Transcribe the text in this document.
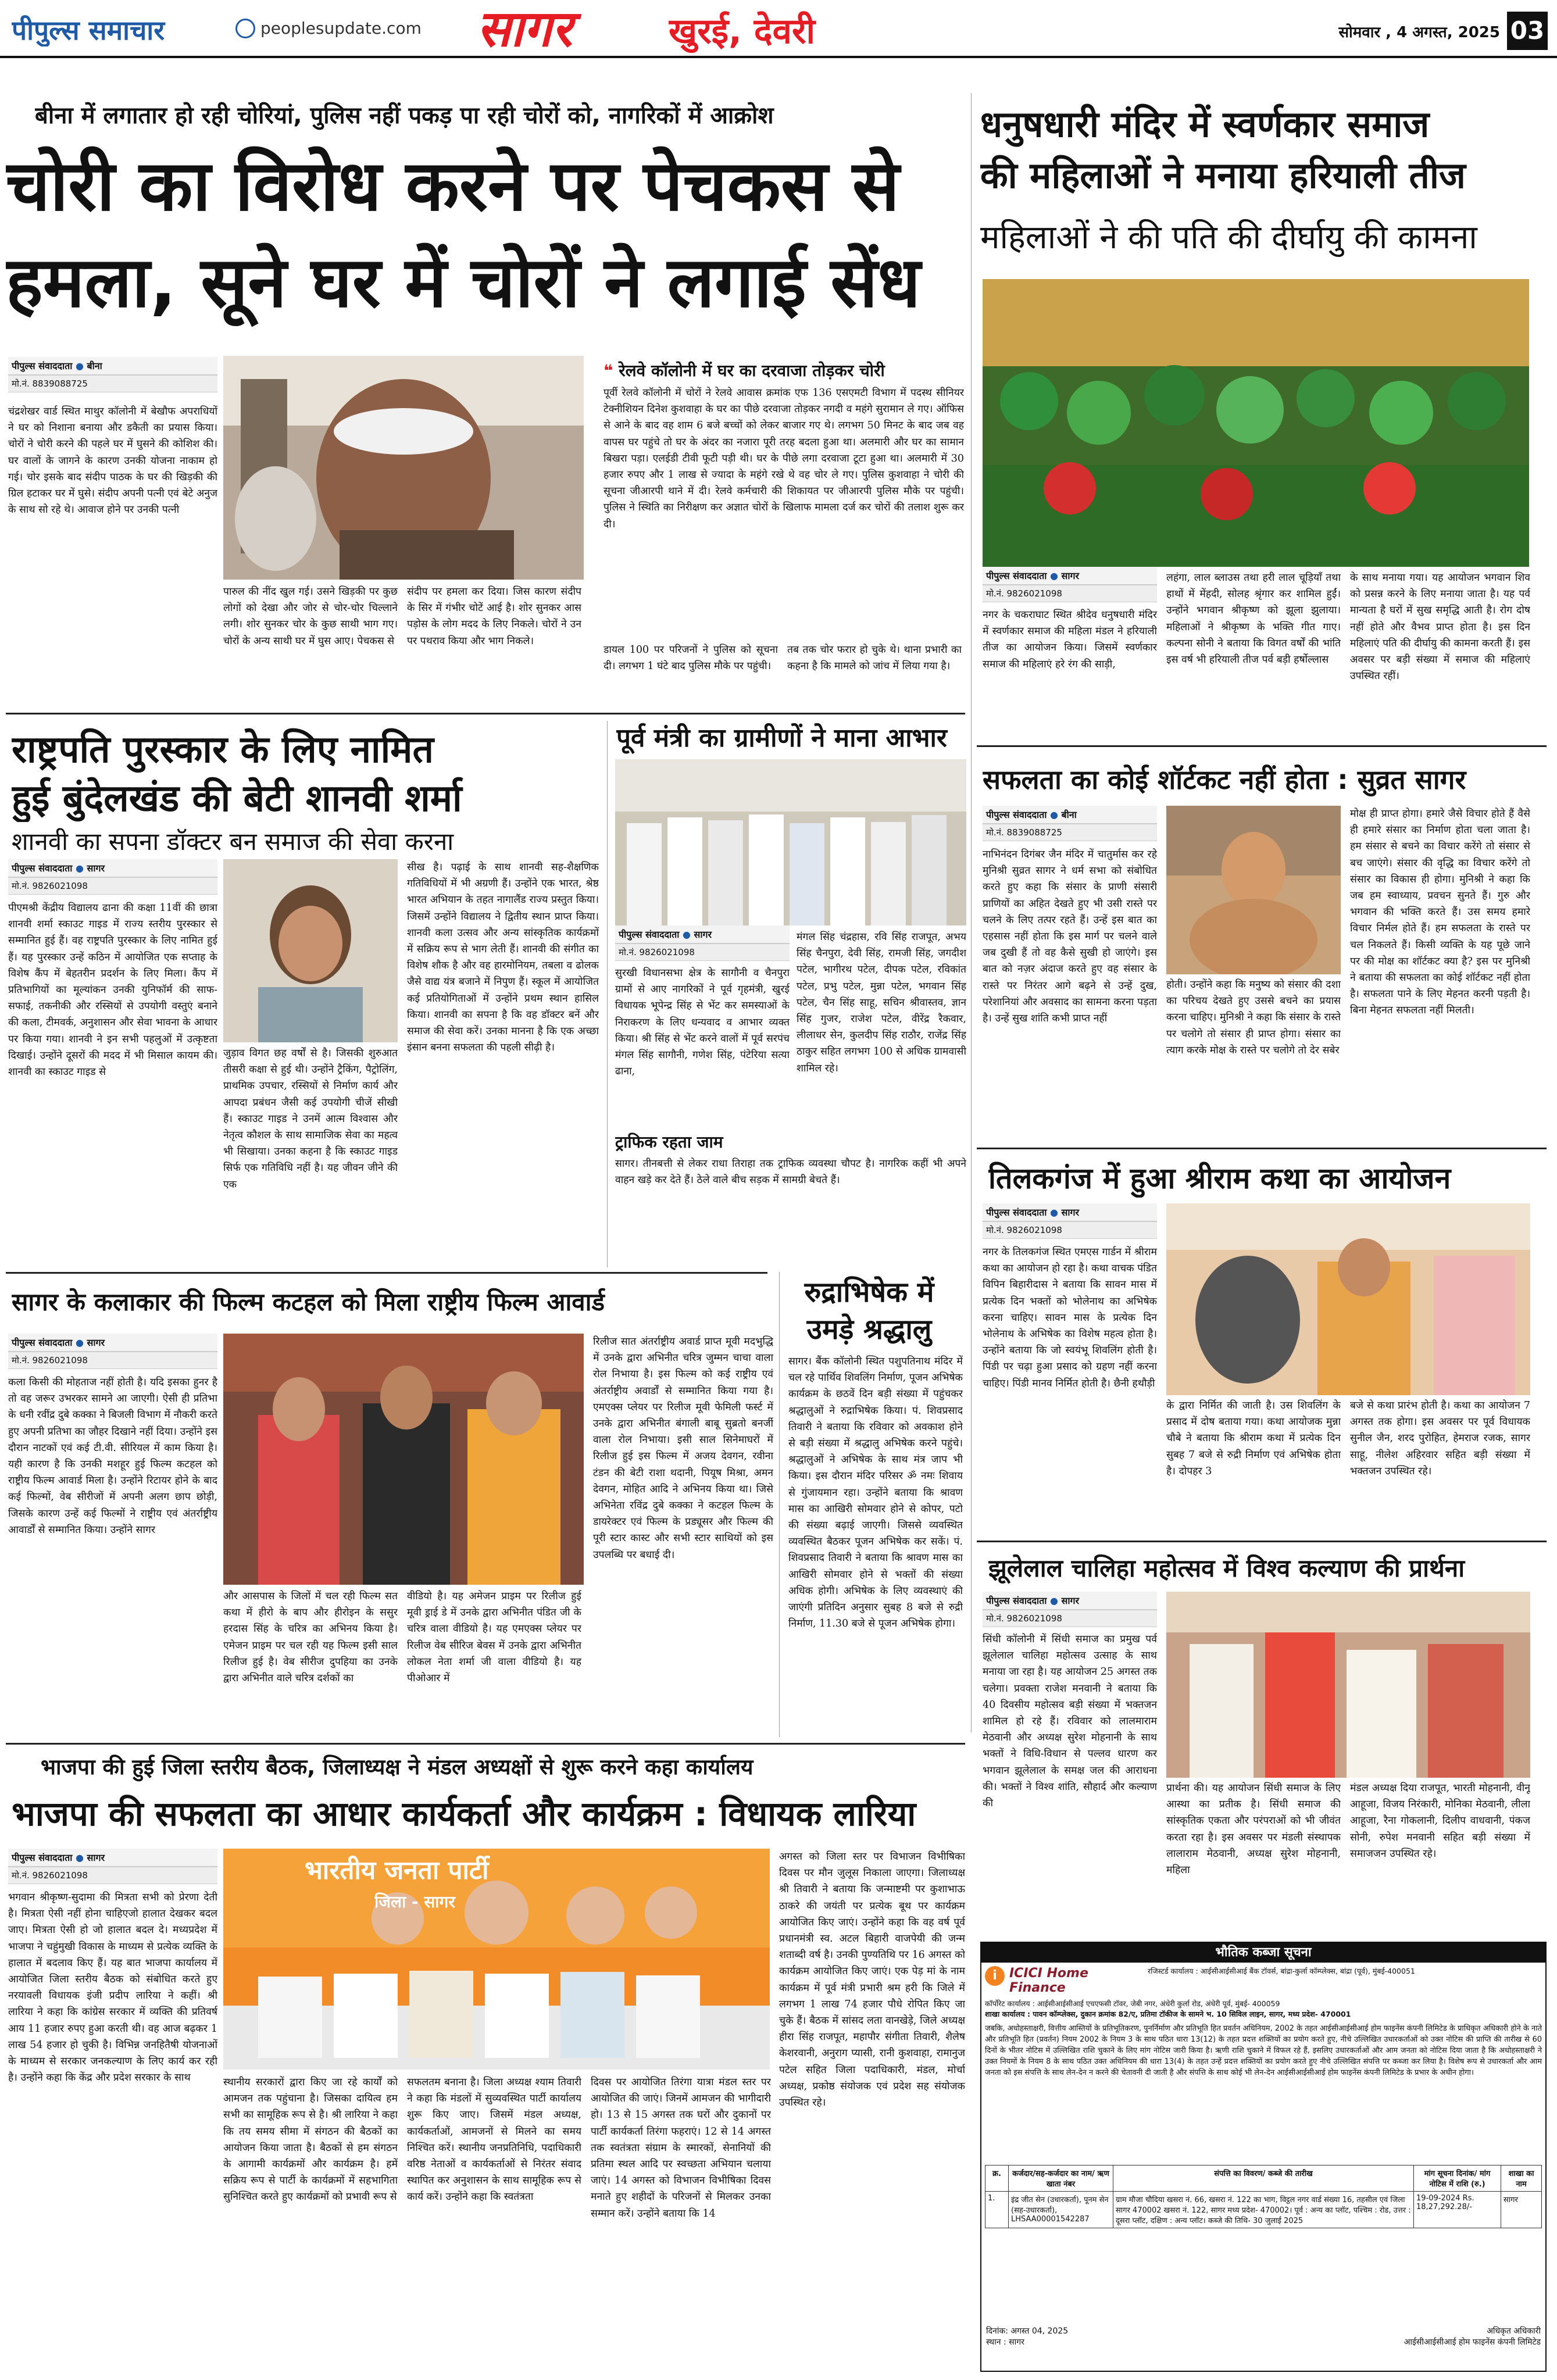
पीपुल्स समाचार	peoplesupdate.com	सागर	खुरई, देवरी	सोमवार , 4 अगस्त, 2025 03
बीना में लगातार हो रही चोरियां, पुलिस नहीं पकड़ पा रही चोरों को, नागरिकों में आक्रोश
चोरी का विरोध करने पर पेचकस से
हमला, सूने घर में चोरों ने लगाई सेंध
पीपुल्स संवाददाता ● बीना
मो.नं. 8839088725
चंद्रशेखर वार्ड स्थित माथुर कॉलोनी में बेखौफ अपराधियों ने घर को निशाना बनाया और डकैती का प्रयास किया। चोरों ने चोरी करने की पहले घर में घुसने की कोशिश की। घर वालों के जागने के कारण उनकी योजना नाकाम हो गई। चोर इसके बाद संदीप पाठक के घर की खिड़की की ग्रिल हटाकर घर में घुसे। संदीप अपनी पत्नी एवं बेटे अनुज के साथ सो रहे थे। आवाज होने पर उनकी पत्नी
पारुल की नींद खुल गई। उसने खिड़की पर कुछ लोगों को देखा और जोर से चोर-चोर चिल्लाने लगी। शोर सुनकर चोर के कुछ साथी भाग गए। चोरों के अन्य साथी घर में घुस आए। पेचकस से
संदीप पर हमला कर दिया। जिस कारण संदीप के सिर में गंभीर चोटें आई है। शोर सुनकर आस पड़ोस के लोग मदद के लिए निकले। चोरों ने उन पर पथराव किया और भाग निकले।
❝ रेलवे कॉलोनी में घर का दरवाजा तोड़कर चोरी
पूर्वी रेलवे कॉलोनी में चोरों ने रेलवे आवास क्रमांक एफ 136 एसएमटी विभाग में पदस्थ सीनियर टेक्नीशियन दिनेश कुशवाहा के घर का पीछे दरवाजा तोड़कर नगदी व महंगे सुरामान ले गए। ऑफिस से आने के बाद वह शाम 6 बजे बच्चों को लेकर बाजार गए थे। लगभग 50 मिनट के बाद जब वह वापस घर पहुंचे तो घर के अंदर का नजारा पूरी तरह बदला हुआ था। अलमारी और घर का सामान बिखरा पड़ा। एलईडी टीवी फूटी पड़ी थी। घर के पीछे लगा दरवाजा टूटा हुआ था। अलमारी में 30 हजार रुपए और 1 लाख से ज्यादा के महंगे रखे थे वह चोर ले गए। पुलिस कुशवाहा ने चोरी की सूचना जीआरपी थाने में दी। रेलवे कर्मचारी की शिकायत पर जीआरपी पुलिस मौके पर पहुंची। पुलिस ने स्थिति का निरीक्षण कर अज्ञात चोरों के खिलाफ मामला दर्ज कर चोरों की तलाश शुरू कर दी।
डायल 100 पर परिजनों ने पुलिस को सूचना दी। लगभग 1 घंटे बाद पुलिस मौके पर पहुंची।
तब तक चोर फरार हो चुके थे। थाना प्रभारी का कहना है कि मामले को जांच में लिया गया है।
धनुषधारी मंदिर में स्वर्णकार समाज
की महिलाओं ने मनाया हरियाली तीज
महिलाओं ने की पति की दीर्घायु की कामना
पीपुल्स संवाददाता ● सागर
मो.नं. 9826021098
नगर के चकराघाट स्थित श्रीदेव धनुषधारी मंदिर में स्वर्णकार समाज की महिला मंडल ने हरियाली तीज का आयोजन किया। जिसमें स्वर्णकार समाज की महिलाएं हरे रंग की साड़ी,
लहंगा, लाल ब्लाउस तथा हरी लाल चूड़ियाँ तथा हाथों में मेंहदी, सोलह श्रृंगार कर शामिल हुईं। उन्होंने भगवान श्रीकृष्ण को झूला झुलाया। महिलाओं ने श्रीकृष्ण के भक्ति गीत गाए। कल्पना सोनी ने बताया कि विगत वर्षों की भांति इस वर्ष भी हरियाली तीज पर्व बड़ी हर्षोल्लास
के साथ मनाया गया। यह आयोजन भगवान शिव को प्रसन्न करने के लिए मनाया जाता है। यह पर्व मान्यता है घरों में सुख समृद्धि आती है। रोग दोष नहीं होते और वैभव प्राप्त होता है। इस दिन महिलाएं पति की दीर्घायु की कामना करती हैं। इस अवसर पर बड़ी संख्या में समाज की महिलाएं उपस्थित रहीं।
राष्ट्रपति पुरस्कार के लिए नामित
हुई बुंदेलखंड की बेटी शानवी शर्मा
शानवी का सपना डॉक्टर बन समाज की सेवा करना
पीपुल्स संवाददाता ● सागर
मो.नं. 9826021098
पीएमश्री केंद्रीय विद्यालय ढाना की कक्षा 11वीं की छात्रा शानवी शर्मा स्काउट गाइड में राज्य स्तरीय पुरस्कार से सम्मानित हुई हैं। वह राष्ट्रपति पुरस्कार के लिए नामित हुई हैं। यह पुरस्कार उन्हें कठिन में आयोजित एक सप्ताह के विशेष कैंप में बेहतरीन प्रदर्शन के लिए मिला। कैंप में प्रतिभागियों का मूल्यांकन उनकी युनिफॉर्म की साफ-सफाई, तकनीकी और रस्सियों से उपयोगी वस्तुएं बनाने की कला, टीमवर्क, अनुशासन और सेवा भावना के आधार पर किया गया। शानवी ने इन सभी पहलुओं में उत्कृष्टता दिखाई। उन्होंने दूसरों की मदद में भी मिसाल कायम की। शानवी का स्काउट गाइड से
जुड़ाव विगत छह वर्षों से है। जिसकी शुरुआत तीसरी कक्षा से हुई थी। उन्होंने ट्रैकिंग, पैट्रोलिंग, प्राथमिक उपचार, रस्सियों से निर्माण कार्य और आपदा प्रबंधन जैसी कई उपयोगी चीजें सीखी हैं। स्काउट गाइड ने उनमें आत्म विश्वास और नेतृत्व कौशल के साथ सामाजिक सेवा का महत्व भी सिखाया। उनका कहना है कि स्काउट गाइड सिर्फ एक गतिविधि नहीं है। यह जीवन जीने की एक
सीख है। पढ़ाई के साथ शानवी सह-शैक्षणिक गतिविधियों में भी अग्रणी हैं। उन्होंने एक भारत, श्रेष्ठ भारत अभियान के तहत नागालैंड राज्य प्रस्तुत किया। जिसमें उन्होंने विद्यालय ने द्वितीय स्थान प्राप्त किया। शानवी कला उत्सव और अन्य सांस्कृतिक कार्यक्रमों में सक्रिय रूप से भाग लेती हैं। शानवी की संगीत का विशेष शौक है और वह हारमोनियम, तबला व ढोलक जैसे वाद्य यंत्र बजाने में निपुण हैं। स्कूल में आयोजित कई प्रतियोगिताओं में उन्होंने प्रथम स्थान हासिल किया। शानवी का सपना है कि वह डॉक्टर बनें और समाज की सेवा करें। उनका मानना है कि एक अच्छा इंसान बनना सफलता की पहली सीढ़ी है।
पूर्व मंत्री का ग्रामीणों ने माना आभार
पीपुल्स संवाददाता ● सागर
मो.नं. 9826021098
सुरखी विधानसभा क्षेत्र के सागौनी व चैनपुरा ग्रामों से आए नागरिकों ने पूर्व गृहमंत्री, खुरई विधायक भूपेन्द्र सिंह से भेंट कर समस्याओं के निराकरण के लिए धन्यवाद व आभार व्यक्त किया। श्री सिंह से भेंट करने वालों में पूर्व सरपंच मंगल सिंह सागौनी, गणेश सिंह, पंटेरिया सत्या ढाना,
मंगल सिंह चंद्रहास, रवि सिंह राजपूत, अभय सिंह चैनपुरा, देवी सिंह, रामजी सिंह, जगदीश पटेल, भागीरथ पटेल, दीपक पटेल, रविकांत पटेल, प्रभु पटेल, मुन्ना पटेल, भगवान सिंह पटेल, चैन सिंह साहू, सचिन श्रीवास्तव, ज्ञान सिंह गुजर, राजेश पटेल, वीरेंद्र रैकवार, लीलाधर सेन, कुलदीप सिंह राठौर, राजेंद्र सिंह ठाकुर सहित लगभग 100 से अधिक ग्रामवासी शामिल रहे।
ट्राफिक रहता जाम
सागर। तीनबत्ती से लेकर राधा तिराहा तक ट्राफिक व्यवस्था चौपट है। नागरिक कहीं भी अपने वाहन खड़े कर देते हैं। ठेले वाले बीच सड़क में सामग्री बेचते हैं।
सफलता का कोई शॉर्टकट नहीं होता : सुव्रत सागर
पीपुल्स संवाददाता ● बीना
मो.नं. 8839088725
नाभिनंदन दिगंबर जैन मंदिर में चातुर्मास कर रहे मुनिश्री सुव्रत सागर ने धर्म सभा को संबोधित करते हुए कहा कि संसार के प्राणी संसारी प्राणियों का अहित देखते हुए भी उसी रास्ते पर चलने के लिए तत्पर रहते हैं। उन्हें इस बात का एहसास नहीं होता कि इस मार्ग पर चलने वाले जब दुखी हैं तो वह कैसे सुखी हो जाएंगे। इस बात को नज़र अंदाज करते हुए वह संसार के रास्ते पर निरंतर आगे बढ़ने से उन्हें दुख, परेशानियां और अवसाद का सामना करना पड़ता है। उन्हें सुख शांति कभी प्राप्त नहीं
होती। उन्होंने कहा कि मनुष्य को संसार की दशा का परिचय देखते हुए उससे बचने का प्रयास करना चाहिए। मुनिश्री ने कहा कि संसार के रास्ते पर चलोगे तो संसार ही प्राप्त होगा। संसार का त्याग करके मोक्ष के रास्ते पर चलोगे तो देर सबेर
मोक्ष ही प्राप्त होगा। हमारे जैसे विचार होते हैं वैसे ही हमारे संसार का निर्माण होता चला जाता है। हम संसार से बचने का विचार करेंगे तो संसार से बच जाएंगे। संसार की वृद्धि का विचार करेंगे तो संसार का विकास ही होगा। मुनिश्री ने कहा कि जब हम स्वाध्याय, प्रवचन सुनते हैं। गुरु और भगवान की भक्ति करते हैं। उस समय हमारे विचार निर्मल होते हैं। हम सफलता के रास्ते पर चल निकलते हैं। किसी व्यक्ति के यह पूछे जाने पर की मोक्ष का शॉर्टकट क्या है? इस पर मुनिश्री ने बताया की सफलता का कोई शॉर्टकट नहीं होता है। सफलता पाने के लिए मेहनत करनी पड़ती है। बिना मेहनत सफलता नहीं मिलती।
तिलकगंज में हुआ श्रीराम कथा का आयोजन
पीपुल्स संवाददाता ● सागर
मो.नं. 9826021098
नगर के तिलकगंज स्थित एमएस गार्डन में श्रीराम कथा का आयोजन हो रहा है। कथा वाचक पंडित विपिन बिहारीदास ने बताया कि सावन मास में प्रत्येक दिन भक्तों को भोलेनाथ का अभिषेक करना चाहिए। सावन मास के प्रत्येक दिन भोलेनाथ के अभिषेक का विशेष महत्व होता है। उन्होंने बताया कि जो स्वयंभू शिवलिंग होती है। पिंडी पर चढ़ा हुआ प्रसाद को ग्रहण नहीं करना चाहिए। पिंडी मानव निर्मित होती है। छैनी हथौड़ी
के द्वारा निर्मित की जाती है। उस शिवलिंग के प्रसाद में दोष बताया गया। कथा आयोजक मुन्ना चौबे ने बताया कि श्रीराम कथा में प्रत्येक दिन सुबह 7 बजे से रुद्री निर्माण एवं अभिषेक होता है। दोपहर 3
बजे से कथा प्रारंभ होती है। कथा का आयोजन 7 अगस्त तक होगा। इस अवसर पर पूर्व विधायक सुनील जैन, शरद पुरोहित, हेमराज रजक, सागर साहू, नीलेश अहिरवार सहित बड़ी संख्या में भक्तजन उपस्थित रहे।
झूलेलाल चालिहा महोत्सव में विश्व कल्याण की प्रार्थना
पीपुल्स संवाददाता ● सागर
मो.नं. 9826021098
सिंधी कॉलोनी में सिंधी समाज का प्रमुख पर्व झूलेलाल चालिहा महोत्सव उत्साह के साथ मनाया जा रहा है। यह आयोजन 25 अगस्त तक चलेगा। प्रवक्ता राजेश मनवानी ने बताया कि 40 दिवसीय महोत्सव बड़ी संख्या में भक्तजन शामिल हो रहे हैं। रविवार को लालमाराम मेठवानी और अध्यक्ष सुरेश मोहनानी के साथ भक्तों ने विधि-विधान से पल्लव धारण कर भगवान झूलेलाल के समक्ष जल की आराधना की। भक्तों ने विश्व शांति, सौहार्द और कल्याण की
प्रार्थना की। यह आयोजन सिंधी समाज के लिए आस्था का प्रतीक है। सिंधी समाज की सांस्कृतिक एकता और परंपराओं को भी जीवंत करता रहा है। इस अवसर पर मंडली संस्थापक लालाराम मेठवानी, अध्यक्ष सुरेश मोहनानी, महिला
मंडल अध्यक्ष दिया राजपूत, भारती मोहनानी, वीनू आहूजा, विजय निरंकारी, मोनिका मेठवानी, लीला आहूजा, रैना गोकलानी, दिलीप वाधवानी, पंकज सोनी, रुपेश मनवानी सहित बड़ी संख्या में समाजजन उपस्थित रहे।
रुद्राभिषेक में
उमड़े श्रद्धालु
सागर। बैंक कॉलोनी स्थित पशुपतिनाथ मंदिर में चल रहे पार्थिव शिवलिंग निर्माण, पूजन अभिषेक कार्यक्रम के छठवें दिन बड़ी संख्या में पहुंचकर श्रद्धालुओं ने रुद्राभिषेक किया। पं. शिवप्रसाद तिवारी ने बताया कि रविवार को अवकाश होने से बड़ी संख्या में श्रद्धालु अभिषेक करने पहुंचे। श्रद्धालुओं ने अभिषेक के साथ मंत्र जाप भी किया। इस दौरान मंदिर परिसर ॐ नमः शिवाय से गुंजायमान रहा। उन्होंने बताया कि श्रावण मास का आखिरी सोमवार होने से कोपर, पटो की संख्या बढ़ाई जाएगी। जिससे व्यवस्थित व्यवस्थित बैठकर पूजन अभिषेक कर सकें। पं. शिवप्रसाद तिवारी ने बताया कि श्रावण मास का आखिरी सोमवार होने से भक्तों की संख्या अधिक होगी। अभिषेक के लिए व्यवस्थाएं की जाएंगी प्रतिदिन अनुसार सुबह 8 बजे से रुद्री निर्माण, 11.30 बजे से पूजन अभिषेक होगा।
सागर के कलाकार की फिल्म कटहल को मिला राष्ट्रीय फिल्म आवार्ड
पीपुल्स संवाददाता ● सागर
मो.नं. 9826021098
कला किसी की मोहताज नहीं होती है। यदि इसका हुनर है तो वह जरूर उभरकर सामने आ जाएगी। ऐसी ही प्रतिभा के धनी रवींद्र दुबे कक्का ने बिजली विभाग में नौकरी करते हुए अपनी प्रतिभा का जौहर दिखाने नहीं दिया। उन्होंने इस दौरान नाटकों एवं कई टी.वी. सीरियल में काम किया है। यही कारण है कि उनकी मशहूर हुई फिल्म कटहल को राष्ट्रीय फिल्म आवार्ड मिला है। उन्होंने रिटायर होने के बाद कई फिल्मों, वेब सीरीजों में अपनी अलग छाप छोड़ी, जिसके कारण उन्हें कई फिल्मों ने राष्ट्रीय एवं अंतर्राष्ट्रीय आवार्डों से सम्मानित किया। उन्होंने सागर
और आसपास के जिलों में चल रही फिल्म सत कथा में हीरो के बाप और हीरोइन के ससुर हरदास सिंह के चरित्र का अभिनय किया है। एमेजन प्राइम पर चल रही यह फिल्म इसी साल रिलीज हुई है। वेब सीरीज दुपहिया का उनके द्वारा अभिनीत वाले चरित्र दर्शकों का
वीडियो है। यह अमेजन प्राइम पर रिलीज हुई मूवी ड्राई डे में उनके द्वारा अभिनीत पंडित जी के चरित्र वाला वीडियो है। यह एमएक्स प्लेयर पर रिलीज वेब सीरिज बेवस में उनके द्वारा अभिनीत लोकल नेता शर्मा जी वाला वीडियो है। यह पीओआर में
रिलीज सात अंतर्राष्ट्रीय अवार्ड प्राप्त मूवी मदभुद्धि में उनके द्वारा अभिनीत चरित्र जुम्मन चाचा वाला रोल निभाया है। इस फिल्म को कई राष्ट्रीय एवं अंतर्राष्ट्रीय अवार्डों से सम्मानित किया गया है। एमएक्स प्लेयर पर रिलीज मूवी फेमिली फर्स्ट में उनके द्वारा अभिनीत बंगाली बाबू सुब्रतो बनर्जी वाला रोल निभाया। इसी साल सिनेमाघरों में रिलीज हुई इस फिल्म में अजय देवगन, रवीना टंडन की बेटी राशा थदानी, पियूष मिश्रा, अमन देवगन, मोहित आदि ने अभिनय किया था। जिसे अभिनेता रविंद्र दुबे कक्का ने कटहल फिल्म के डायरेक्टर एवं फिल्म के प्रड्यूसर और फिल्म की पूरी स्टार कास्ट और सभी स्टार साथियों को इस उपलब्धि पर बधाई दी।
भाजपा की हुई जिला स्तरीय बैठक, जिलाध्यक्ष ने मंडल अध्यक्षों से शुरू करने कहा कार्यालय
भाजपा की सफलता का आधार कार्यकर्ता और कार्यक्रम : विधायक लारिया
पीपुल्स संवाददाता ● सागर
मो.नं. 9826021098
भगवान श्रीकृष्ण-सुदामा की मित्रता सभी को प्रेरणा देती है। मित्रता ऐसी नहीं होना चाहिएजो हालात देखकर बदल जाए। मित्रता ऐसी हो जो हालात बदल दे। मध्यप्रदेश में भाजपा ने चहुंमुखी विकास के माध्यम से प्रत्येक व्यक्ति के हालात में बदलाव किए हैं। यह बात भाजपा कार्यालय में आयोजित जिला स्तरीय बैठक को संबोधित करते हुए नरयावली विधायक इंजी प्रदीप लारिया ने कहीं। श्री लारिया ने कहा कि कांग्रेस सरकार में व्यक्ति की प्रतिवर्ष आय 11 हजार रुपए हुआ करती थी। वह आज बढ़कर 1 लाख 54 हजार हो चुकी है। विभिन्न जनहितैषी योजनाओं के माध्यम से सरकार जनकल्याण के लिए कार्य कर रही है। उन्होंने कहा कि केंद्र और प्रदेश सरकार के साथ
भारतीय जनता पार्टी
जिला - सागर
स्थानीय सरकारों द्वारा किए जा रहे कार्यों को आमजन तक पहुंचाना है। जिसका दायित्व हम सभी का सामूहिक रूप से है। श्री लारिया ने कहा कि तय समय सीमा में संगठन की बैठकों का आयोजन किया जाता है। बैठकों से हम संगठन के आगामी कार्यक्रमों और कार्यक्रम है। हमें सक्रिय रूप से पार्टी के कार्यक्रमों में सहभागिता सुनिश्चित करते हुए कार्यक्रमों को प्रभावी रूप से
सफलतम बनाना है। जिला अध्यक्ष श्याम तिवारी ने कहा कि मंडलों में सुव्यवस्थित पार्टी कार्यालय शुरू किए जाए। जिसमें मंडल अध्यक्ष, कार्यकर्ताओं, आमजनों से मिलने का समय निश्चित करें। स्थानीय जनप्रतिनिधि, पदाधिकारी वरिष्ठ नेताओं व कार्यकर्ताओं से निरंतर संवाद स्थापित कर अनुशासन के साथ सामूहिक रूप से कार्य करें। उन्होंने कहा कि स्वतंत्रता
दिवस पर आयोजित तिरंगा यात्रा मंडल स्तर पर आयोजित की जाएं। जिनमें आमजन की भागीदारी हो। 13 से 15 अगस्त तक घरों और दुकानों पर पार्टी कार्यकर्ता तिरंगा फहराएं। 12 से 14 अगस्त तक स्वतंत्रता संग्राम के स्मारकों, सेनानियों की प्रतिमा स्थल आदि पर स्वच्छता अभियान चलाया जाएं। 14 अगस्त को विभाजन विभीषिका दिवस मनाते हुए शहीदों के परिजनों से मिलकर उनका सम्मान करें। उन्होंने बताया कि 14
अगस्त को जिला स्तर पर विभाजन विभीषिका दिवस पर मौन जुलूस निकाला जाएगा। जिलाध्यक्ष श्री तिवारी ने बताया कि जन्माष्टमी पर कुशाभाऊ ठाकरे की जयंती पर प्रत्येक बूथ पर कार्यक्रम आयोजित किए जाएं। उन्होंने कहा कि वह वर्ष पूर्व प्रधानमंत्री स्व. अटल बिहारी वाजपेयी की जन्म शताब्दी वर्ष है। उनकी पुण्यतिथि पर 16 अगस्त को कार्यक्रम आयोजित किए जाएं। एक पेड़ मां के नाम कार्यक्रम में पूर्व मंत्री प्रभारी श्रम हरी कि जिले में लगभग 1 लाख 74 हजार पौधे रोपित किए जा चुके हैं। बैठक में सांसद लता वानखेड़े, जिले अध्यक्ष हीरा सिंह राजपूत, महापौर संगीता तिवारी, शैलेष केशरवानी, अनुराग प्यासी, रानी कुशवाहा, रामानुज पटेल सहित जिला पदाधिकारी, मंडल, मोर्चा अध्यक्ष, प्रकोष्ठ संयोजक एवं प्रदेश सह संयोजक उपस्थित रहे।
भौतिक कब्जा सूचना
i ICICI Home Finance
रजिस्टर्ड कार्यालय : आईसीआईसीआई बैंक टॉवर्स, बांद्रा-कुर्ला कॉम्प्लेक्स, बांद्रा (पूर्व), मुंबई-400051
कॉर्पोरेट कार्यालय : आईसीआईसीआई एचएफसी टॉवर, जेबी नगर, अंधेरी कुर्ला रोड, अंधेरी पूर्व, मुंबई- 400059
शाखा कार्यालय : पावन कॉम्प्लेक्स, दुकान क्रमांक 82/ए, प्रतिमा टॉकीज के सामने भ. 10 सिविल लाइन, सागर, मध्य प्रदेश- 470001
जबकि, अधोहस्ताक्षरी, वित्तीय आस्तियों के प्रतिभूतिकरण, पुनर्निर्माण और प्रतिभूति हित प्रवर्तन अधिनियम, 2002 के तहत आईसीआईसीआई होम फाइनेंस कंपनी लिमिटेड के प्राधिकृत अधिकारी होने के नाते और प्रतिभूति हित (प्रवर्तन) नियम 2002 के नियम 3 के साथ पठित धारा 13(12) के तहत प्रदत्त शक्तियों का प्रयोग करते हुए, नीचे उल्लिखित उधारकर्ताओं को उक्त नोटिस की प्राप्ति की तारीख से 60 दिनों के भीतर नोटिस में उल्लिखित राशि चुकाने के लिए मांग नोटिस जारी किया है। ऋणी राशि चुकाने में विफल रहे हैं, इसलिए उधारकर्ताओं और आम जनता को नोटिस दिया जाता है कि अधोहस्ताक्षरी ने उक्त नियमों के नियम 8 के साथ पठित उक्त अधिनियम की धारा 13(4) के तहत उन्हें प्रदत्त शक्तियों का प्रयोग करते हुए नीचे उल्लिखित संपत्ति पर कब्जा कर लिया है। विशेष रूप से उधारकर्ता और आम जनता को इस संपत्ति के साथ लेन-देन न करने की चेतावनी दी जाती है और संपत्ति के साथ कोई भी लेन-देन आईसीआईसीआई होम फाइनेंस कंपनी लिमिटेड के प्रभार के अधीन होगा।
क्र.	कर्जदार/सह-कर्जदार का नाम/ ऋण खाता नंबर	संपत्ति का विवरण/ कब्जे की तारीख	मांग सूचना दिनांक/ मांग नोटिस में राशि (रु.)	शाखा का नाम
1.	इंद्र जीत सेन (उधारकर्ता), पूनम सेन (सह-उधारकर्ता), LHSAA00001542287	ग्राम मौजा चौदिया खसरा नं. 66, खसरा नं. 122 का भाग, विट्ठल नगर वार्ड संख्या 16, तहसील एवं जिला सागर 470002 खसरा नं. 122, सागर मध्य प्रदेश- 470002। पूर्व : अन्य का प्लॉट, पश्चिम : रोड, उत्तर : दूसरा प्लॉट, दक्षिण : अन्य प्लॉट। कब्जे की तिथि- 30 जुलाई 2025	19-09-2024 Rs. 18,27,292.28/-	सागर
दिनांक: अगस्त 04, 2025
स्थान : सागर
अधिकृत अधिकारी
आईसीआईसीआई होम फाइनेंस कंपनी लिमिटेड
